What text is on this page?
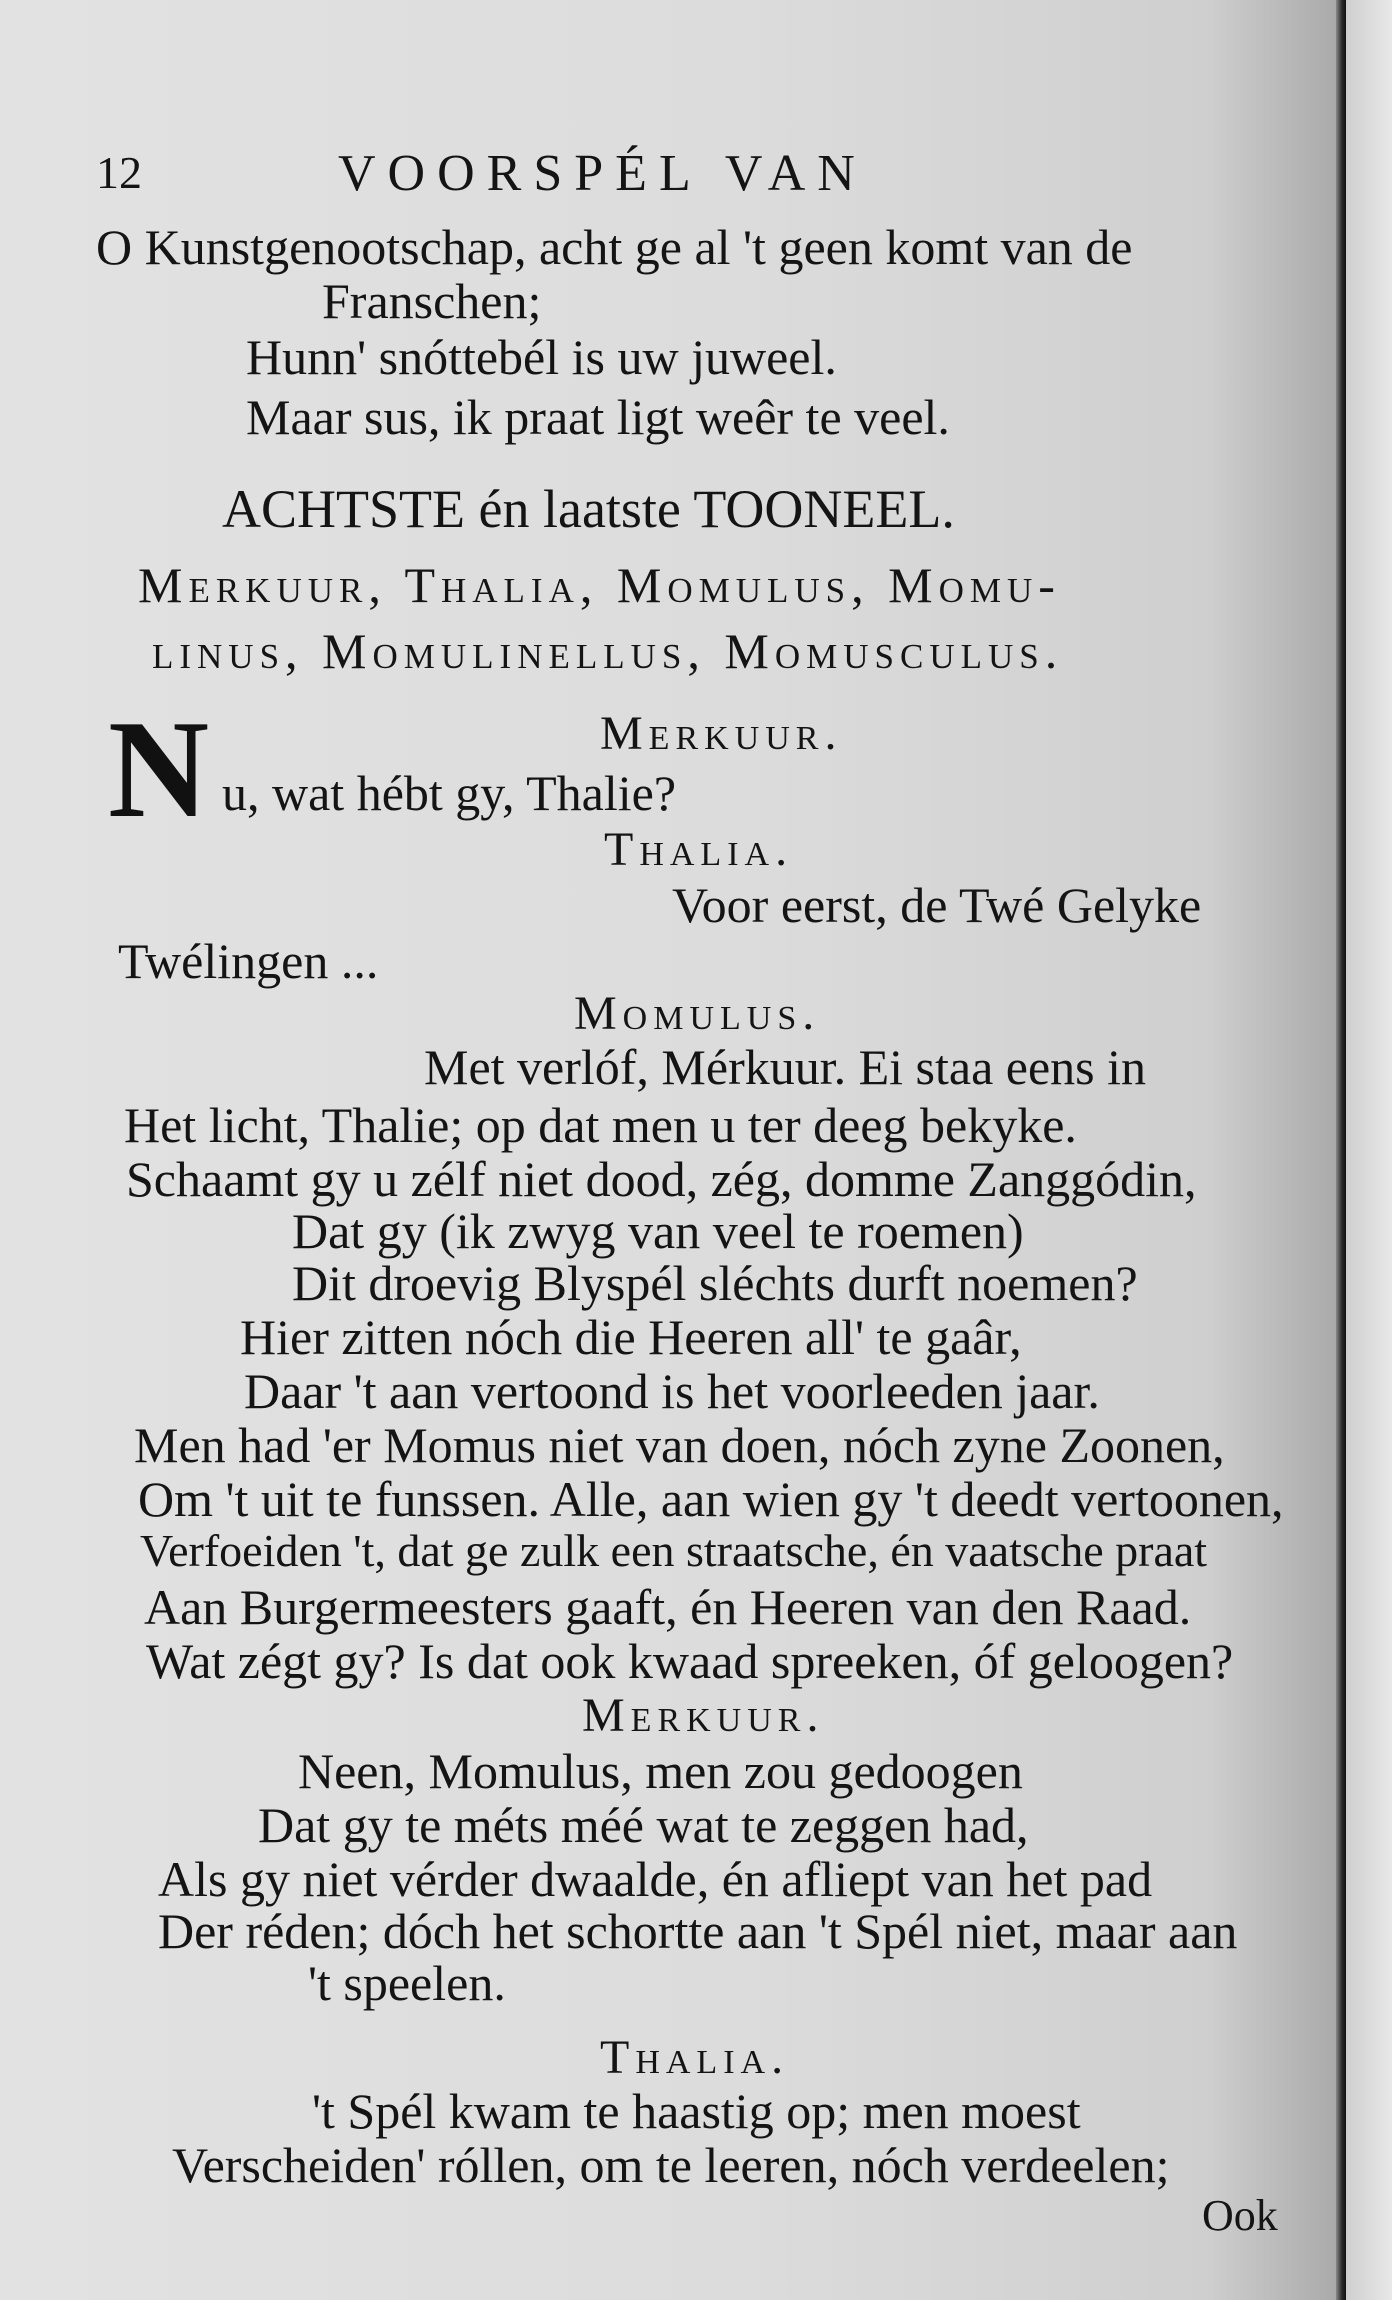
12	VOORSPÉL VAN
O Kunstgenootschap, acht ge al 't geen komt van de
Franschen;
Hunn' snóttebél is uw juweel.
Maar sus, ik praat ligt weêr te veel.
ACHTSTE én laatste TOONEEL.
Merkuur, Thalia, Momulus, Momu-
linus, Momulinellus, Momusculus.
Merkuur.
N u, wat hébt gy, Thalie?
Thalia.
Voor eerst, de Twé Gelyke
Twélingen ...
Momulus.
Met verlóf, Mérkuur. Ei staa eens in
Het licht, Thalie; op dat men u ter deeg bekyke.
Schaamt gy u zélf niet dood, zég, domme Zanggódin,
Dat gy (ik zwyg van veel te roemen)
Dit droevig Blyspél sléchts durft noemen?
Hier zitten nóch die Heeren all' te gaâr,
Daar 't aan vertoond is het voorleeden jaar.
Men had 'er Momus niet van doen, nóch zyne Zoonen,
Om 't uit te funssen. Alle, aan wien gy 't deedt vertoonen,
Verfoeiden 't, dat ge zulk een straatsche, én vaatsche praat
Aan Burgermeesters gaaft, én Heeren van den Raad.
Wat zégt gy? Is dat ook kwaad spreeken, óf geloogen?
Merkuur.
Neen, Momulus, men zou gedoogen
Dat gy te méts méé wat te zeggen had,
Als gy niet vérder dwaalde, én afliept van het pad
Der réden; dóch het schortte aan 't Spél niet, maar aan
't speelen.
Thalia.
't Spél kwam te haastig op; men moest
Verscheiden' róllen, om te leeren, nóch verdeelen;
Ook
